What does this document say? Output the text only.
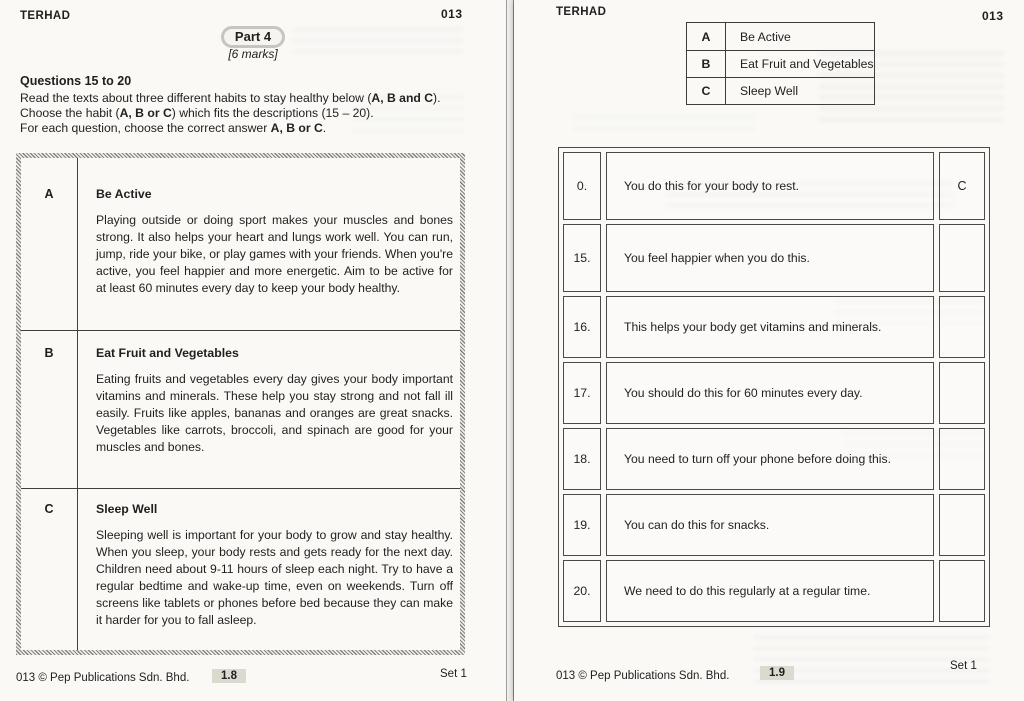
TERHAD	013
Part 4
[6 marks]
Questions 15 to 20
Read the texts about three different habits to stay healthy below (A, B and C).
Choose the habit (A, B or C) which fits the descriptions (15 – 20).
For each question, choose the correct answer A, B or C.
A	Be Active
Playing outside or doing sport makes your muscles and bones strong. It also helps your heart and lungs work well. You can run, jump, ride your bike, or play games with your friends. When you're active, you feel happier and more energetic. Aim to be active for at least 60 minutes every day to keep your body healthy.
B	Eat Fruit and Vegetables
Eating fruits and vegetables every day gives your body important vitamins and minerals. These help you stay strong and not fall ill easily. Fruits like apples, bananas and oranges are great snacks. Vegetables like carrots, broccoli, and spinach are good for your muscles and bones.
C	Sleep Well
Sleeping well is important for your body to grow and stay healthy. When you sleep, your body rests and gets ready for the next day. Children need about 9-11 hours of sleep each night. Try to have a regular bedtime and wake-up time, even on weekends. Turn off screens like tablets or phones before bed because they can make it harder for you to fall asleep.
013 © Pep Publications Sdn. Bhd.	1.8	Set 1
TERHAD	013
A	Be Active
B	Eat Fruit and Vegetables
C	Sleep Well
0.	You do this for your body to rest.	C
15.	You feel happier when you do this.
16.	This helps your body get vitamins and minerals.
17.	You should do this for 60 minutes every day.
18.	You need to turn off your phone before doing this.
19.	You can do this for snacks.
20.	We need to do this regularly at a regular time.
013 © Pep Publications Sdn. Bhd.	1.9
Set 1
